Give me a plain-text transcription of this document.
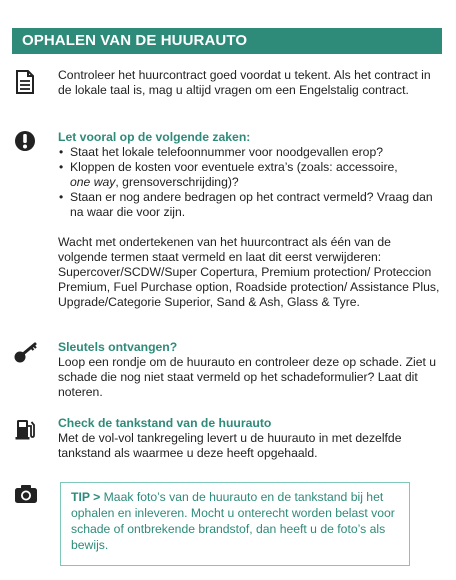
OPHALEN VAN DE HUURAUTO

Controleer het huurcontract goed voordat u tekent. Als het contract in de lokale taal is, mag u altijd vragen om een Engelstalig contract.

Let vooral op de volgende zaken:

• Staat het lokale telefoonnummer voor noodgevallen erop?
• Kloppen de kosten voor eventuele extra’s (zoals: accessoire,
one way, grensoverschrijding)?
• Staan er nog andere bedragen op het contract vermeld? Vraag dan na waar die voor zijn.

Wacht met ondertekenen van het huurcontract als één van de volgende termen staat vermeld en laat dit eerst verwijderen: Supercover/SCDW/Super Copertura, Premium protection/ Proteccion Premium, Fuel Purchase option, Roadside protection/ Assistance Plus, Upgrade/Categorie Superior, Sand & Ash, Glass & Tyre.

Sleutels ontvangen?

Loop een rondje om de huurauto en controleer deze op schade. Ziet u schade die nog niet staat vermeld op het schadeformulier? Laat dit noteren.

Check de tankstand van de huurauto

Met de vol-vol tankregeling levert u de huurauto in met dezelfde tankstand als waarmee u deze heeft opgehaald.

TIP > Maak foto’s van de huurauto en de tankstand bij het ophalen en inleveren. Mocht u onterecht worden belast voor schade of ontbrekende brandstof, dan heeft u de foto’s als bewijs.
